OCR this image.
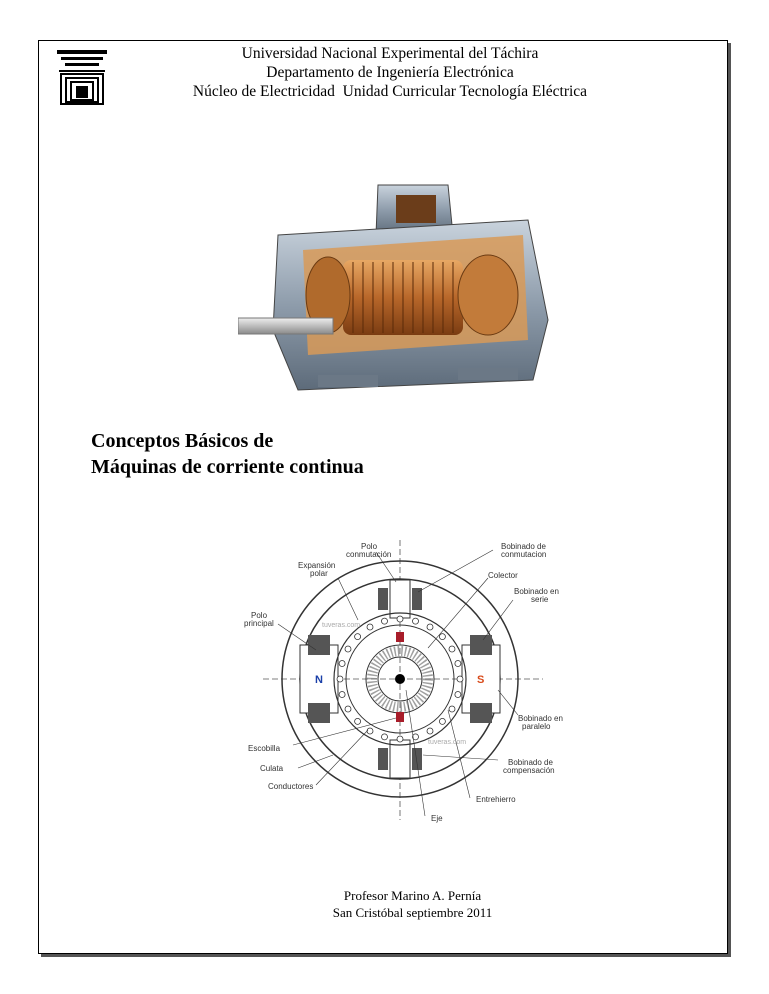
Universidad Nacional Experimental del Táchira
Departamento de Ingeniería Electrónica
Núcleo de Electricidad  Unidad Curricular Tecnología Eléctrica
Conceptos Básicos de
Máquinas de corriente continua
N	S
Polo
conmutación
Expansión
polar
Polo
principal
Bobinado de
conmutacion
Colector
Bobinado en
serie
Bobinado en
paralelo
Escobilla
Culata
Conductores
Bobinado de
compensación
Entrehierro
Eje
tuveras.com
tuveras.com
Profesor Marino A. Pernía
San Cristóbal septiembre 2011
